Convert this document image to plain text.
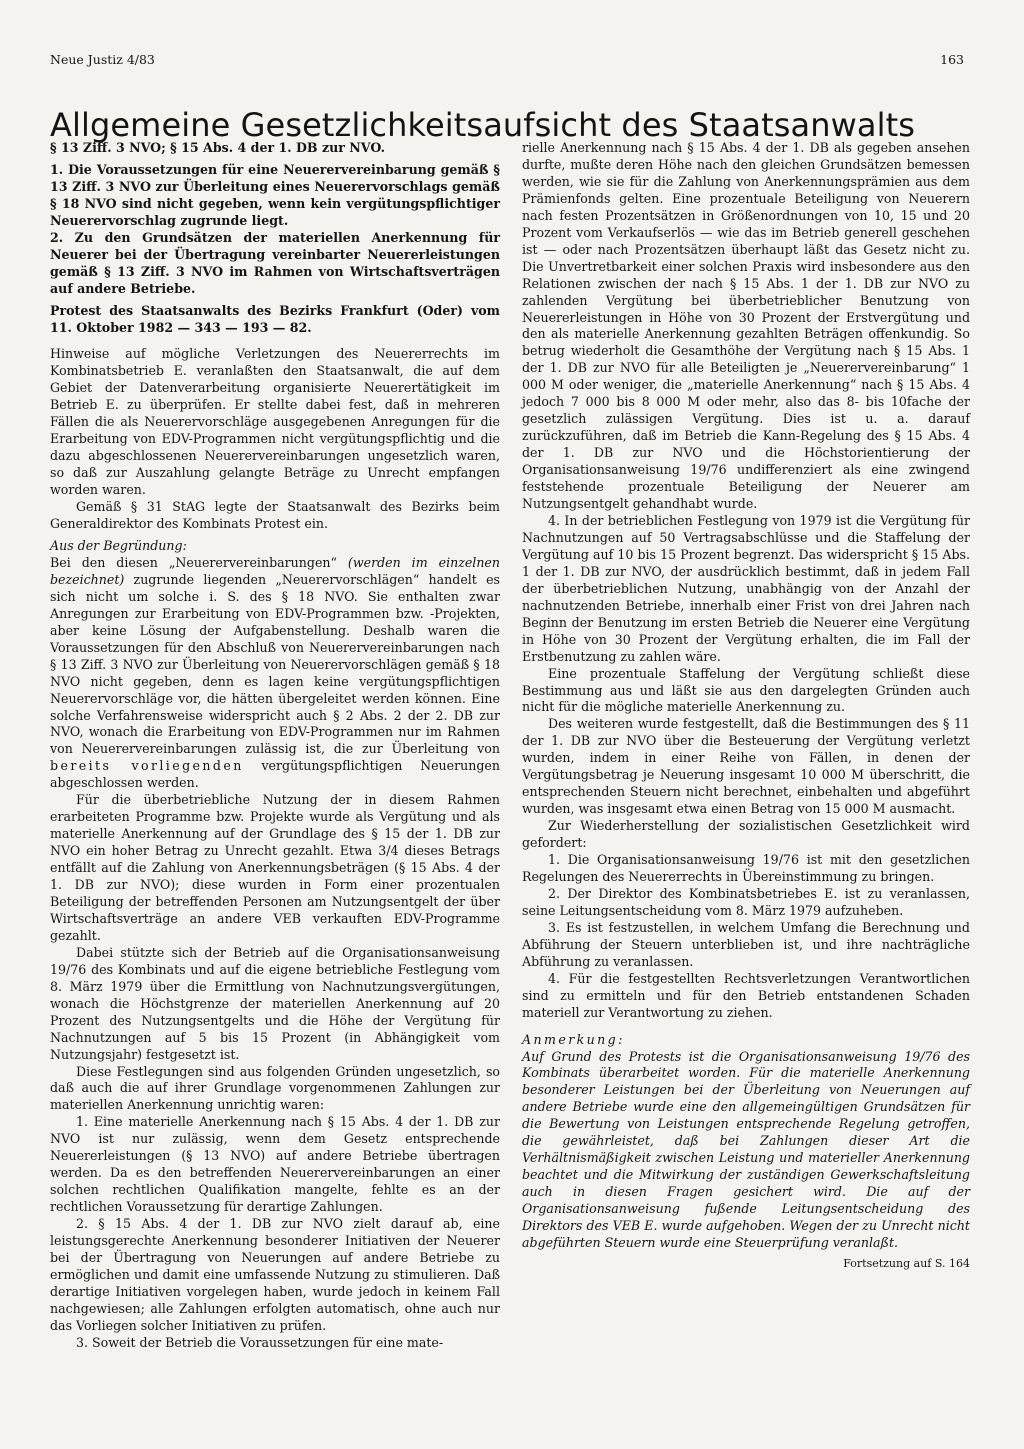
Neue Justiz 4/83	163
Allgemeine Gesetzlichkeitsaufsicht des Staatsanwalts

§ 13 Ziff. 3 NVO; § 15 Abs. 4 der 1. DB zur NVO.

1. Die Voraussetzungen für eine Neuerervereinbarung gemäß § 13 Ziff. 3 NVO zur Überleitung eines Neuerervorschlags gemäß § 18 NVO sind nicht gegeben, wenn kein vergütungspflichtiger Neuerervorschlag zugrunde liegt.

2. Zu den Grundsätzen der materiellen Anerkennung für Neuerer bei der Übertragung vereinbarter Neuererleistungen gemäß § 13 Ziff. 3 NVO im Rahmen von Wirtschaftsverträgen auf andere Betriebe.

Protest des Staatsanwalts des Bezirks Frankfurt (Oder) vom 11. Oktober 1982 — 343 — 193 — 82.

Hinweise auf mögliche Verletzungen des Neuererrechts im Kombinatsbetrieb E. veranlaßten den Staatsanwalt, die auf dem Gebiet der Datenverarbeitung organisierte Neuerertätigkeit im Betrieb E. zu überprüfen. Er stellte dabei fest, daß in mehreren Fällen die als Neuerervorschläge ausgegebenen Anregungen für die Erarbeitung von EDV-Programmen nicht vergütungspflichtig und die dazu abgeschlossenen Neuerervereinbarungen ungesetzlich waren, so daß zur Auszahlung gelangte Beträge zu Unrecht empfangen worden waren.

Gemäß § 31 StAG legte der Staatsanwalt des Bezirks beim Generaldirektor des Kombinats Protest ein.

Aus der Begründung:

Bei den diesen „Neuerervereinbarungen“ (werden im einzelnen bezeichnet) zugrunde liegenden „Neuerervorschlägen“ handelt es sich nicht um solche i. S. des § 18 NVO. Sie enthalten zwar Anregungen zur Erarbeitung von EDV-Programmen bzw. -Projekten, aber keine Lösung der Aufgabenstellung. Deshalb waren die Voraussetzungen für den Abschluß von Neuerervereinbarungen nach § 13 Ziff. 3 NVO zur Überleitung von Neuerervorschlägen gemäß § 18 NVO nicht gegeben, denn es lagen keine vergütungspflichtigen Neuerervorschläge vor, die hätten übergeleitet werden können. Eine solche Verfahrensweise widerspricht auch § 2 Abs. 2 der 2. DB zur NVO, wonach die Erarbeitung von EDV-Programmen nur im Rahmen von Neuerervereinbarungen zulässig ist, die zur Überleitung von bereits vorliegenden vergütungspflichtigen Neuerungen abgeschlossen werden.

Für die überbetriebliche Nutzung der in diesem Rahmen erarbeiteten Programme bzw. Projekte wurde als Vergütung und als materielle Anerkennung auf der Grundlage des § 15 der 1. DB zur NVO ein hoher Betrag zu Unrecht gezahlt. Etwa 3/4 dieses Betrags entfällt auf die Zahlung von Anerkennungsbeträgen (§ 15 Abs. 4 der 1. DB zur NVO); diese wurden in Form einer prozentualen Beteiligung der betreffenden Personen am Nutzungsentgelt der über Wirtschaftsverträge an andere VEB verkauften EDV-Programme gezahlt.

Dabei stützte sich der Betrieb auf die Organisationsanweisung 19/76 des Kombinats und auf die eigene betriebliche Festlegung vom 8. März 1979 über die Ermittlung von Nachnutzungsvergütungen, wonach die Höchstgrenze der materiellen Anerkennung auf 20 Prozent des Nutzungsentgelts und die Höhe der Vergütung für Nachnutzungen auf 5 bis 15 Prozent (in Abhängigkeit vom Nutzungsjahr) festgesetzt ist.

Diese Festlegungen sind aus folgenden Gründen ungesetzlich, so daß auch die auf ihrer Grundlage vorgenommenen Zahlungen zur materiellen Anerkennung unrichtig waren:

1. Eine materielle Anerkennung nach § 15 Abs. 4 der 1. DB zur NVO ist nur zulässig, wenn dem Gesetz entsprechende Neuererleistungen (§ 13 NVO) auf andere Betriebe übertragen werden. Da es den betreffenden Neuerervereinbarungen an einer solchen rechtlichen Qualifikation mangelte, fehlte es an der rechtlichen Voraussetzung für derartige Zahlungen.

2. § 15 Abs. 4 der 1. DB zur NVO zielt darauf ab, eine leistungsgerechte Anerkennung besonderer Initiativen der Neuerer bei der Übertragung von Neuerungen auf andere Betriebe zu ermöglichen und damit eine umfassende Nutzung zu stimulieren. Daß derartige Initiativen vorgelegen haben, wurde jedoch in keinem Fall nachgewiesen; alle Zahlungen erfolgten automatisch, ohne auch nur das Vorliegen solcher Initiativen zu prüfen.

3. Soweit der Betrieb die Voraussetzungen für eine mate-

rielle Anerkennung nach § 15 Abs. 4 der 1. DB als gegeben ansehen durfte, mußte deren Höhe nach den gleichen Grundsätzen bemessen werden, wie sie für die Zahlung von Anerkennungsprämien aus dem Prämienfonds gelten. Eine prozentuale Beteiligung von Neuerern nach festen Prozentsätzen in Größenordnungen von 10, 15 und 20 Prozent vom Verkaufserlös — wie das im Betrieb generell geschehen ist — oder nach Prozentsätzen überhaupt läßt das Gesetz nicht zu. Die Unvertretbarkeit einer solchen Praxis wird insbesondere aus den Relationen zwischen der nach § 15 Abs. 1 der 1. DB zur NVO zu zahlenden Vergütung bei überbetrieblicher Benutzung von Neuererleistungen in Höhe von 30 Prozent der Erstvergütung und den als materielle Anerkennung gezahlten Beträgen offenkundig. So betrug wiederholt die Gesamthöhe der Vergütung nach § 15 Abs. 1 der 1. DB zur NVO für alle Beteiligten je „Neuerervereinbarung“ 1 000 M oder weniger, die „materielle Anerkennung“ nach § 15 Abs. 4 jedoch 7 000 bis 8 000 M oder mehr, also das 8- bis 10fache der gesetzlich zulässigen Vergütung. Dies ist u. a. darauf zurückzuführen, daß im Betrieb die Kann-Regelung des § 15 Abs. 4 der 1. DB zur NVO und die Höchstorientierung der Organisationsanweisung 19/76 undifferenziert als eine zwingend feststehende prozentuale Beteiligung der Neuerer am Nutzungsentgelt gehandhabt wurde.

4. In der betrieblichen Festlegung von 1979 ist die Vergütung für Nachnutzungen auf 50 Vertragsabschlüsse und die Staffelung der Vergütung auf 10 bis 15 Prozent begrenzt. Das widerspricht § 15 Abs. 1 der 1. DB zur NVO, der ausdrücklich bestimmt, daß in jedem Fall der überbetrieblichen Nutzung, unabhängig von der Anzahl der nachnutzenden Betriebe, innerhalb einer Frist von drei Jahren nach Beginn der Benutzung im ersten Betrieb die Neuerer eine Vergütung in Höhe von 30 Prozent der Vergütung erhalten, die im Fall der Erstbenutzung zu zahlen wäre.

Eine prozentuale Staffelung der Vergütung schließt diese Bestimmung aus und läßt sie aus den dargelegten Gründen auch nicht für die mögliche materielle Anerkennung zu.

Des weiteren wurde festgestellt, daß die Bestimmungen des § 11 der 1. DB zur NVO über die Besteuerung der Vergütung verletzt wurden, indem in einer Reihe von Fällen, in denen der Vergütungsbetrag je Neuerung insgesamt 10 000 M überschritt, die entsprechenden Steuern nicht berechnet, einbehalten und abgeführt wurden, was insgesamt etwa einen Betrag von 15 000 M ausmacht.

Zur Wiederherstellung der sozialistischen Gesetzlichkeit wird gefordert:

1. Die Organisationsanweisung 19/76 ist mit den gesetzlichen Regelungen des Neuererrechts in Übereinstimmung zu bringen.

2. Der Direktor des Kombinatsbetriebes E. ist zu veranlassen, seine Leitungsentscheidung vom 8. März 1979 aufzuheben.

3. Es ist festzustellen, in welchem Umfang die Berechnung und Abführung der Steuern unterblieben ist, und ihre nachträgliche Abführung zu veranlassen.

4. Für die festgestellten Rechtsverletzungen Verantwortlichen sind zu ermitteln und für den Betrieb entstandenen Schaden materiell zur Verantwortung zu ziehen.

Anmerkung:

Auf Grund des Protests ist die Organisationsanweisung 19/76 des Kombinats überarbeitet worden. Für die materielle Anerkennung besonderer Leistungen bei der Überleitung von Neuerungen auf andere Betriebe wurde eine den allgemeingültigen Grundsätzen für die Bewertung von Leistungen entsprechende Regelung getroffen, die gewährleistet, daß bei Zahlungen dieser Art die Verhältnismäßigkeit zwischen Leistung und materieller Anerkennung beachtet und die Mitwirkung der zuständigen Gewerkschaftsleitung auch in diesen Fragen gesichert wird. Die auf der Organisationsanweisung fußende Leitungsentscheidung des Direktors des VEB E. wurde aufgehoben. Wegen der zu Unrecht nicht abgeführten Steuern wurde eine Steuerprüfung veranlaßt.

Fortsetzung auf S. 164
